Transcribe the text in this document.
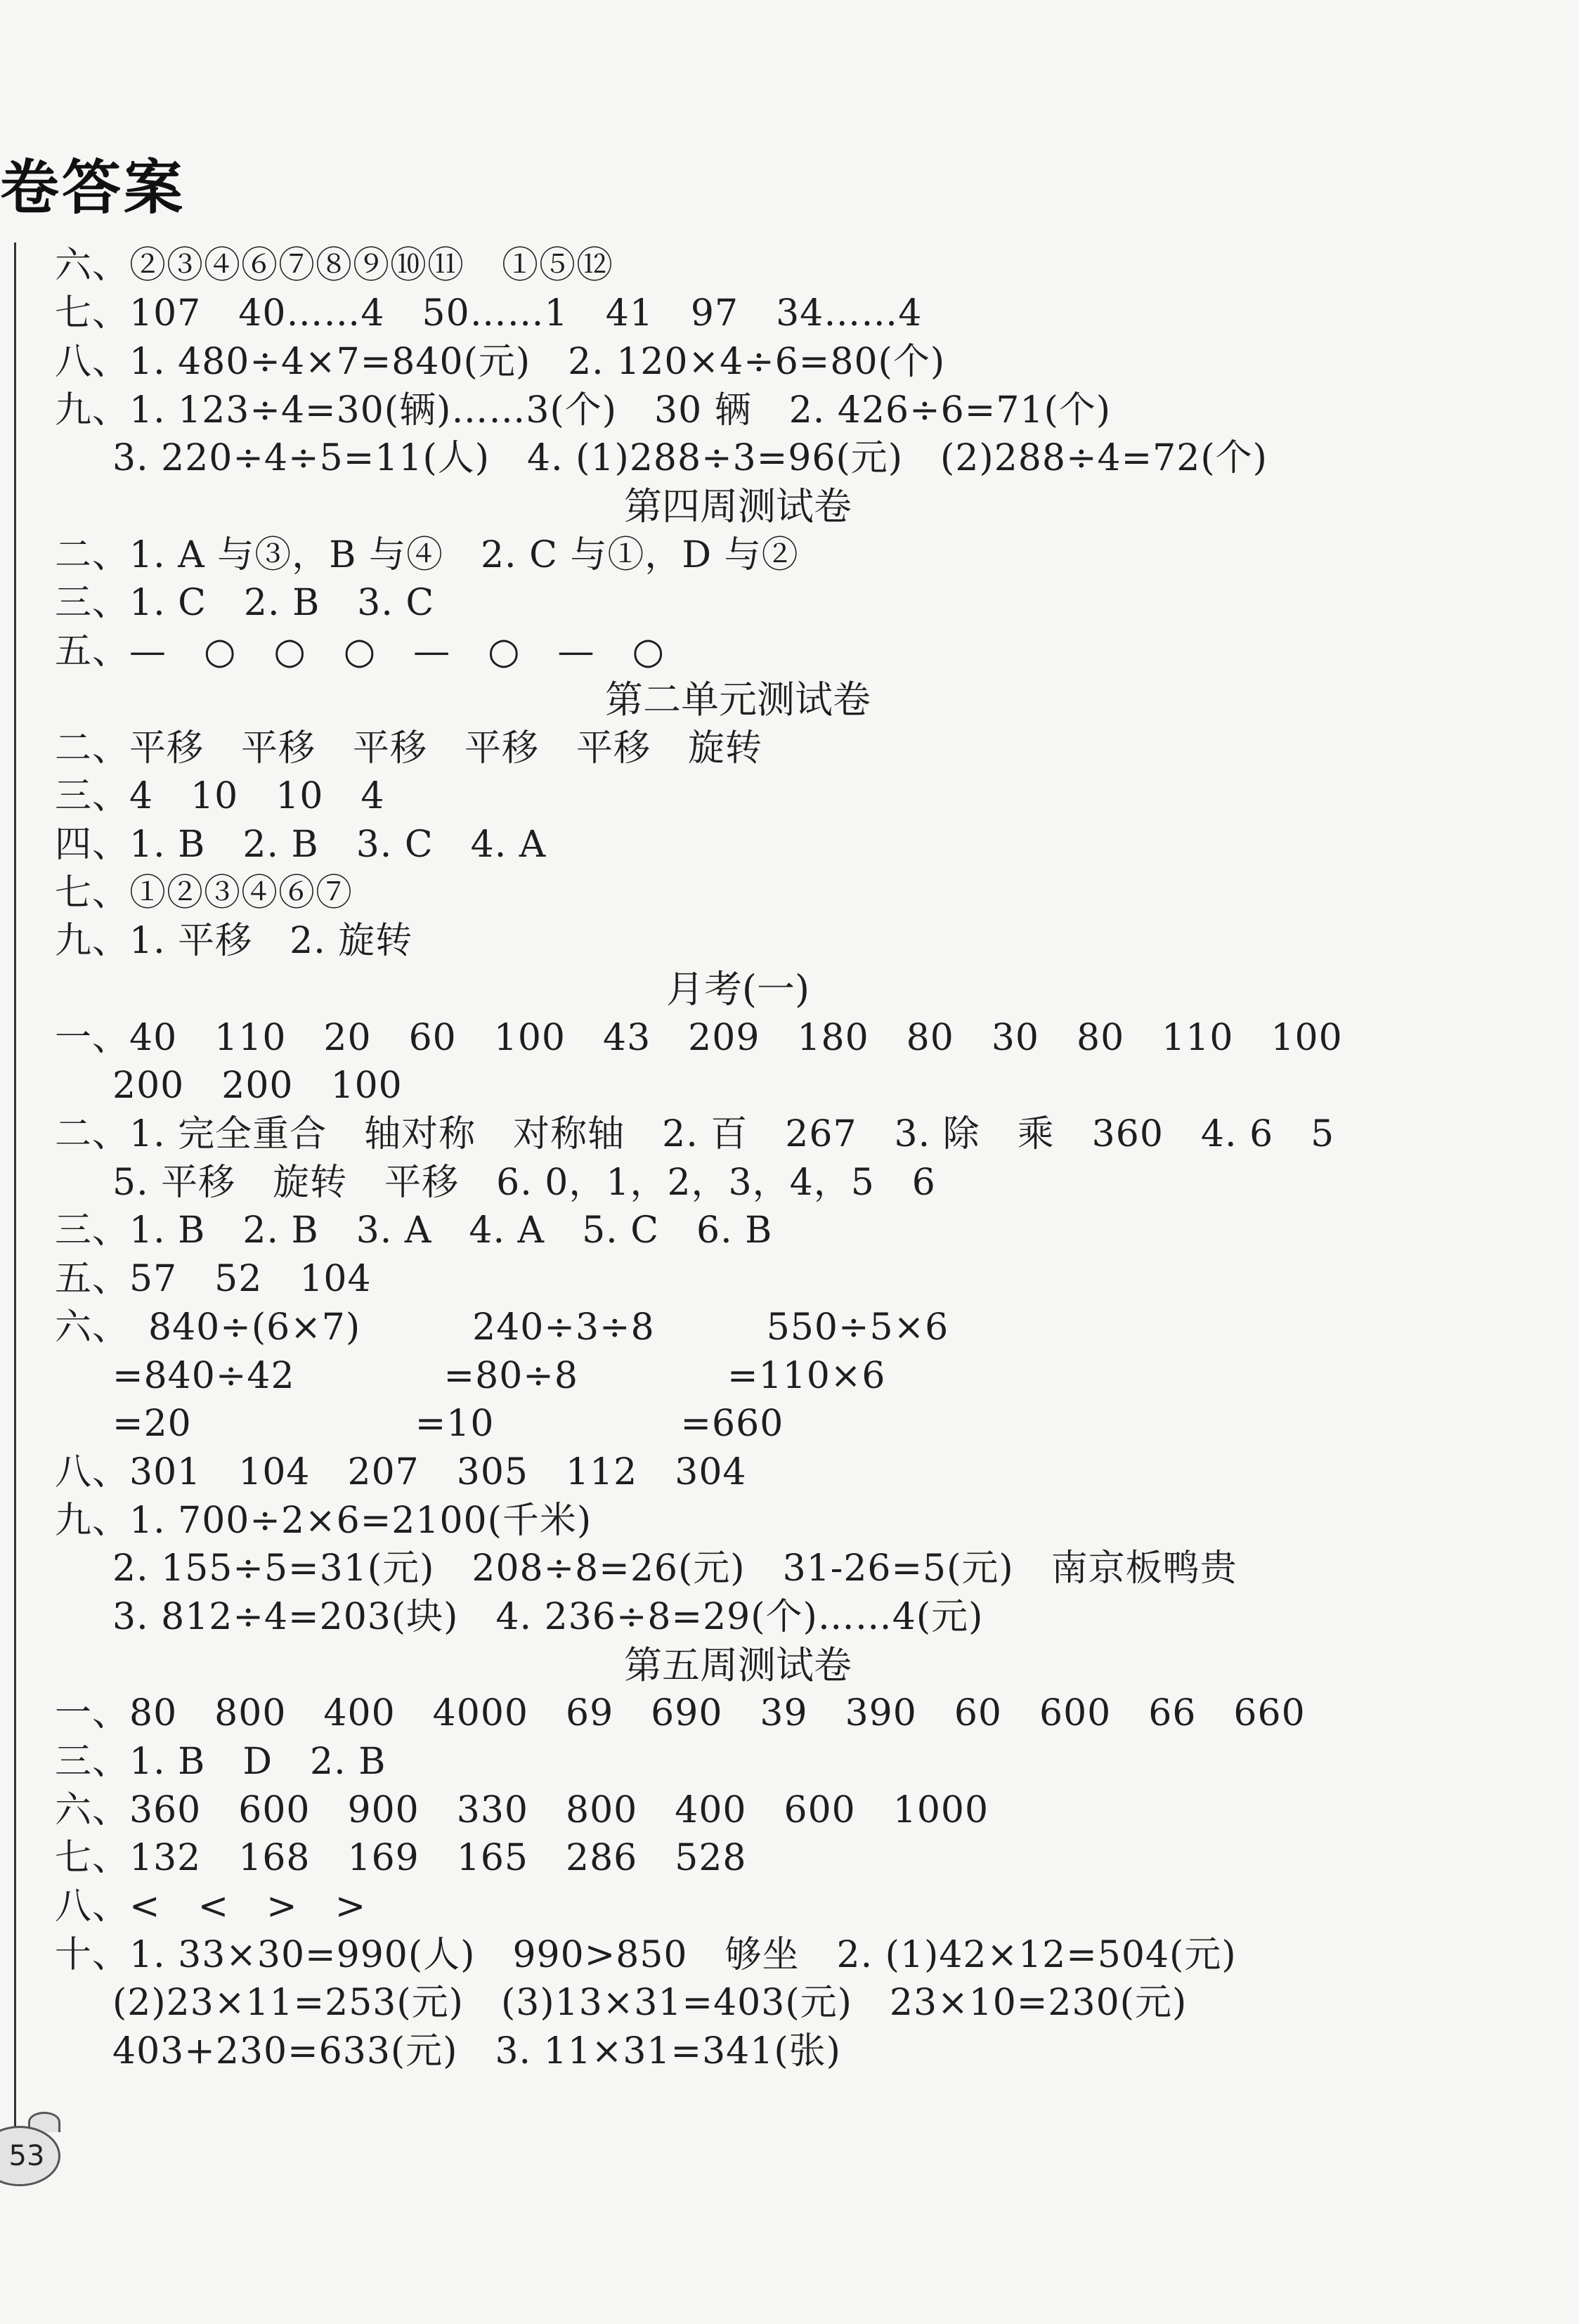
卷答案
六、②③④⑥⑦⑧⑨⑩⑪　①⑤⑫
七、107　40……4　50……1　41　97　34……4
八、1. 480÷4×7=840(元)　2. 120×4÷6=80(个)
九、1. 123÷4=30(辆)……3(个)　30 辆　2. 426÷6=71(个)
3. 220÷4÷5=11(人)　4. (1)288÷3=96(元)　(2)288÷4=72(个)
第四周测试卷
二、1. A 与③，B 与④　2. C 与①，D 与②
三、1. C　2. B　3. C
五、—　○　○　○　—　○　—　○
第二单元测试卷
二、平移　平移　平移　平移　平移　旋转
三、4　10　10　4
四、1. B　2. B　3. C　4. A
七、①②③④⑥⑦
九、1. 平移　2. 旋转
月考(一)
一、40　110　20　60　100　43　209　180　80　30　80　110　100
200　200　100
二、1. 完全重合　轴对称　对称轴　2. 百　267　3. 除　乘　360　4. 6　5
5. 平移　旋转　平移　6. 0，1，2，3，4，5　6
三、1. B　2. B　3. A　4. A　5. C　6. B
五、57　52　104
六、　840÷(6×7)　　　240÷3÷8　　　550÷5×6
=840÷42　　　　=80÷8　　　　=110×6
=20　　　　　　=10　　　　　=660
八、301　104　207　305　112　304
九、1. 700÷2×6=2100(千米)
2. 155÷5=31(元)　208÷8=26(元)　31-26=5(元)　南京板鸭贵
3. 812÷4=203(块)　4. 236÷8=29(个)……4(元)
第五周测试卷
一、80　800　400　4000　69　690　39　390　60　600　66　660
三、1. B　D　2. B
六、360　600　900　330　800　400　600　1000
七、132　168　169　165　286　528
八、<　<　>　>
十、1. 33×30=990(人)　990>850　够坐　2. (1)42×12=504(元)
(2)23×11=253(元)　(3)13×31=403(元)　23×10=230(元)
403+230=633(元)　3. 11×31=341(张)
53
